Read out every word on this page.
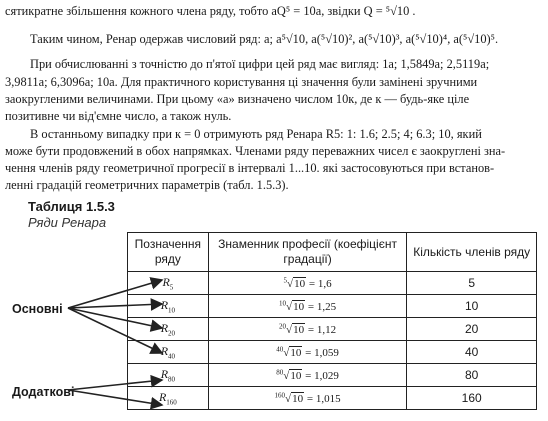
сятикратне збільшення кожного члена ряду, тобто aQ⁵ = 10a, звідки Q = ⁵√10 .
Таким чином, Ренар одержав числовий ряд: a; a⁵√10, a(⁵√10)², a(⁵√10)³, a(⁵√10)⁴, a(⁵√10)⁵.
При обчислюванні з точністю до п'ятої цифри цей ряд має вигляд: 1a; 1,5849a; 2,5119a;
3,9811a; 6,3096a; 10a. Для практичного користування ці значення були замінені зручними
заокругленими величинами. При цьому «а» визначено числом 10к, де к — будь-яке ціле
позитивне чи від'ємне число, а також нуль.
В останньому випадку при к = 0 отримують ряд Ренара R5: 1: 1.6; 2.5; 4; 6.3; 10, який
може бути продовжений в обох напрямках. Членами ряду переважних чисел є заокруглені зна-
чення членів ряду геометричної прогресії в інтервалі 1...10. які застосовуються при встанов-
ленні градацій геометричних параметрів (табл. 1.5.3).
Таблиця 1.5.3
Ряди Ренара
Позначення ряду	Знаменник професії (коефіцієнт градації)	Кількість членів ряду
$R_5$	$^5$√10 = 1,6	5
$R_{10}$	$^{10}$√10 = 1,25	10
$R_{20}$	$^{20}$√10 = 1,12	20
$R_{40}$	$^{40}$√10 = 1,059	40
$R_{80}$	$^{80}$√10 = 1,029	80
$R_{160}$	$^{160}$√10 = 1,015	160
Основні
Додаткові
